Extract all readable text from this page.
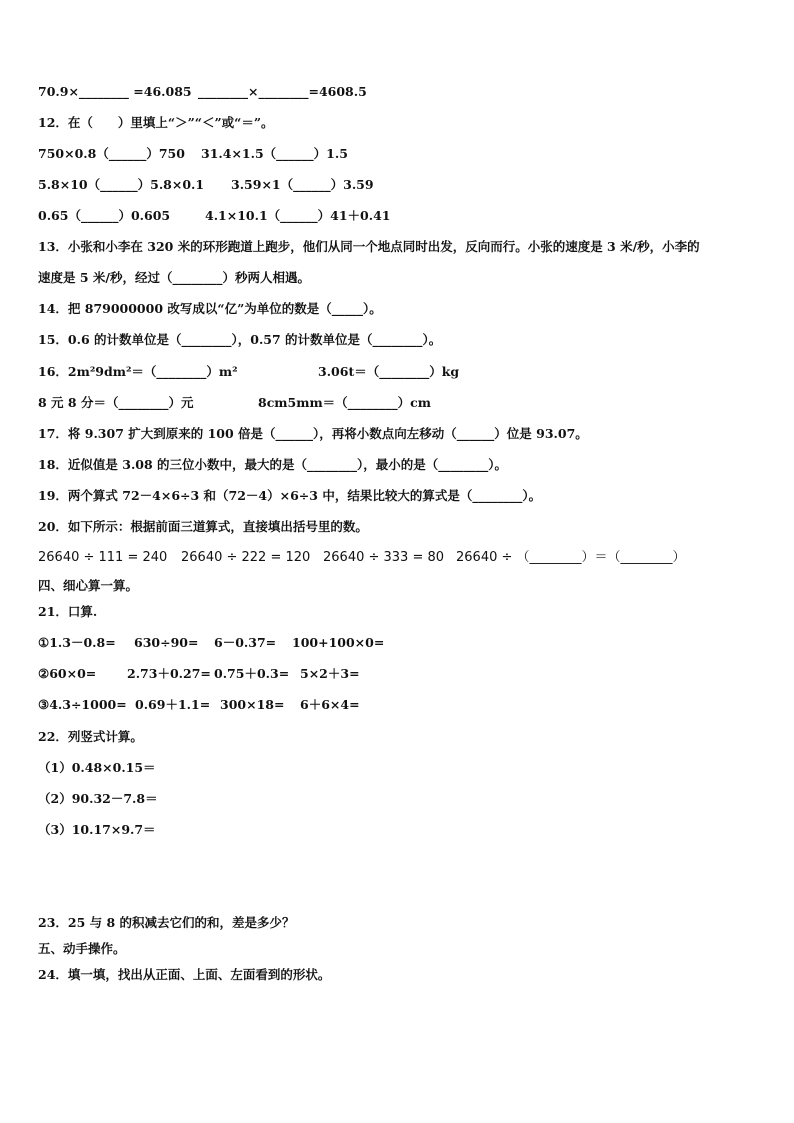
70.9×________ =46.085 ________×________=4608.5
12．在（　　）里填上“＞”“＜”或“＝”。
750×0.8（______）750 31.4×1.5（______）1.5
5.8×10（______）5.8×0.1 3.59×1（______）3.59
0.65（______）0.605	4.1×10.1（______）41＋0.41
13．小张和小李在 320 米的环形跑道上跑步，他们从同一个地点同时出发，反向而行。小张的速度是 3 米/秒，小李的
速度是 5 米/秒，经过（________）秒两人相遇。
14．把 879000000 改写成以“亿”为单位的数是（_____）。
15．0.6 的计数单位是（________），0.57 的计数单位是（________）。
16．2m²9dm²＝（________）m²	3.06t＝（________）kg
8 元 8 分＝（________）元	8cm5mm＝（________）cm
17．将 9.307 扩大到原来的 100 倍是（______），再将小数点向左移动（______）位是 93.07。
18．近似值是 3.08 的三位小数中，最大的是（________），最小的是（________）。
19．两个算式 72－4×6÷3 和（72－4）×6÷3 中，结果比较大的算式是（________）。
20．如下所示：根据前面三道算式，直接填出括号里的数。
26640 ÷ 111 = 240 26640 ÷ 222 = 120 26640 ÷ 333 = 80 26640 ÷ （________）＝（________）
四、细心算一算。
21．口算.
①1.3－0.8= 630÷90= 6－0.37= 100+100×0=
②60×0= 2.73＋0.27= 0.75＋0.3= 5×2＋3=
③4.3÷1000= 0.69＋1.1= 300×18= 6＋6×4=
22．列竖式计算。
（1）0.48×0.15＝
（2）90.32－7.8＝
（3）10.17×9.7＝
23．25 与 8 的积减去它们的和，差是多少？
五、动手操作。
24．填一填，找出从正面、上面、左面看到的形状。
